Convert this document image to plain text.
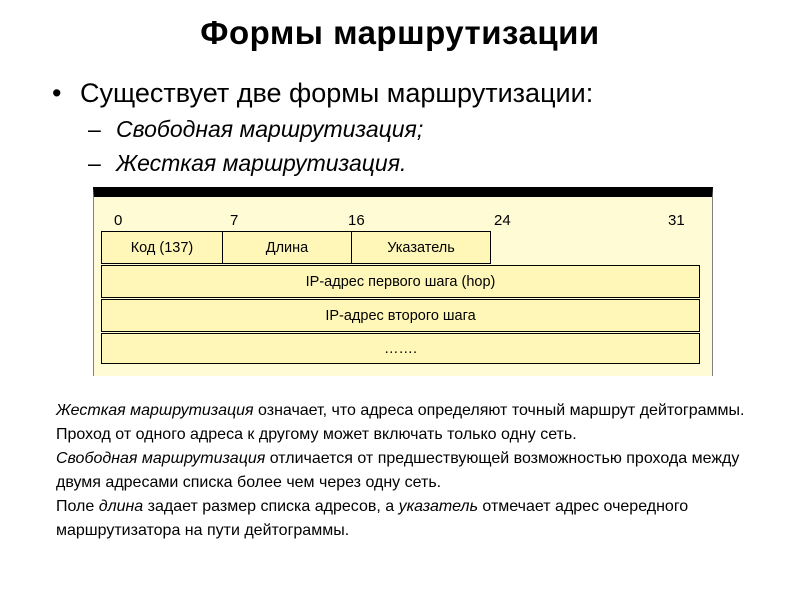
Формы маршрутизации
• Существует две формы маршрутизации:
– Свободная маршрутизация;
– Жесткая маршрутизация.
0	7	16	24	31
Код (137)	Длина	Указатель
IP-адрес первого шага (hop)
IP-адрес второго шага
…….

Жесткая маршрутизация означает, что адреса определяют точный маршрут дейтограммы. Проход от одного адреса к другому может включать только одну сеть.

Свободная маршрутизация отличается от предшествующей возможностью прохода между двумя адресами списка более чем через одну сеть.

Поле длина задает размер списка адресов, а указатель отмечает адрес очередного маршрутизатора на пути дейтограммы.
